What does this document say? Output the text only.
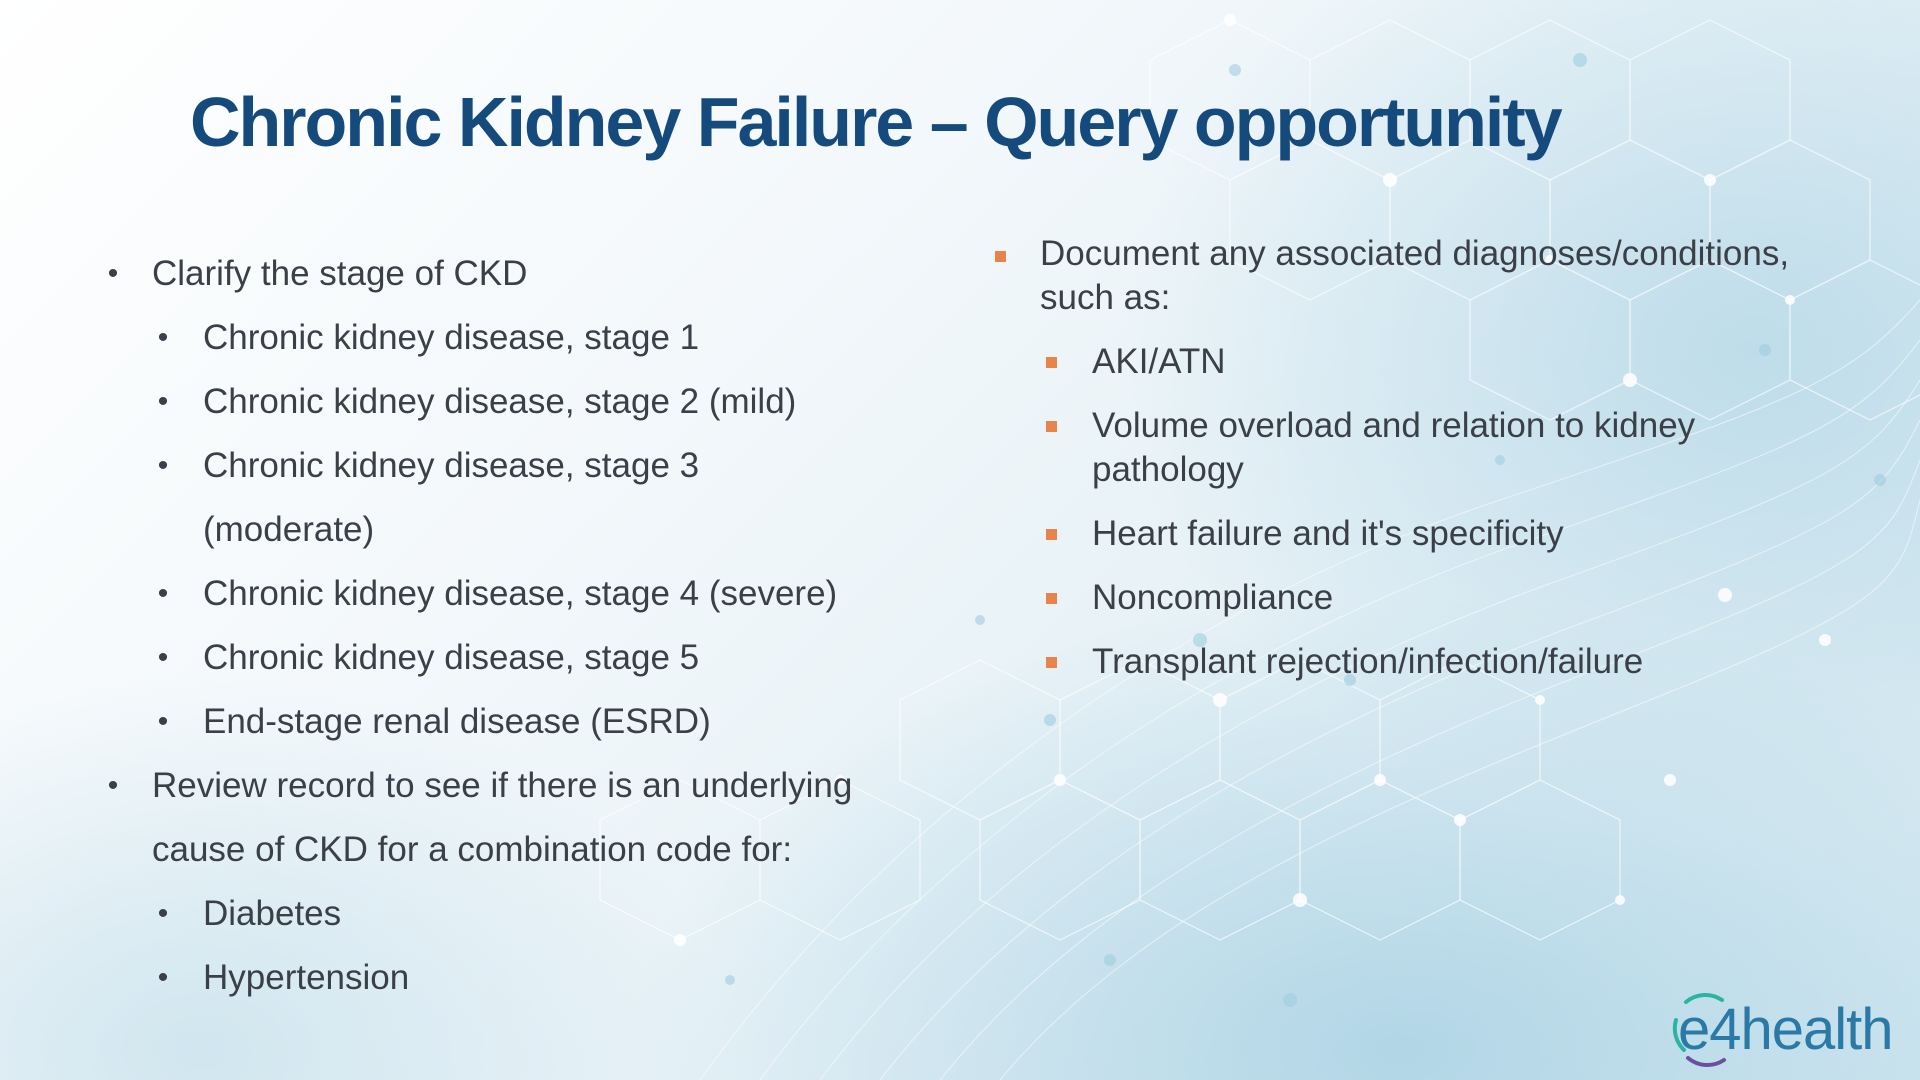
Chronic Kidney Failure – Query opportunity
• Clarify the stage of CKD
• Chronic kidney disease, stage 1
• Chronic kidney disease, stage 2 (mild)
• Chronic kidney disease, stage 3
(moderate)
• Chronic kidney disease, stage 4 (severe)
• Chronic kidney disease, stage 5
• End-stage renal disease (ESRD)
• Review record to see if there is an underlying
cause of CKD for a combination code for:
• Diabetes
• Hypertension
Document any associated diagnoses/conditions, such as:
AKI/ATN
Volume overload and relation to kidney pathology
Heart failure and it's specificity
Noncompliance
Transplant rejection/infection/failure
e4health
